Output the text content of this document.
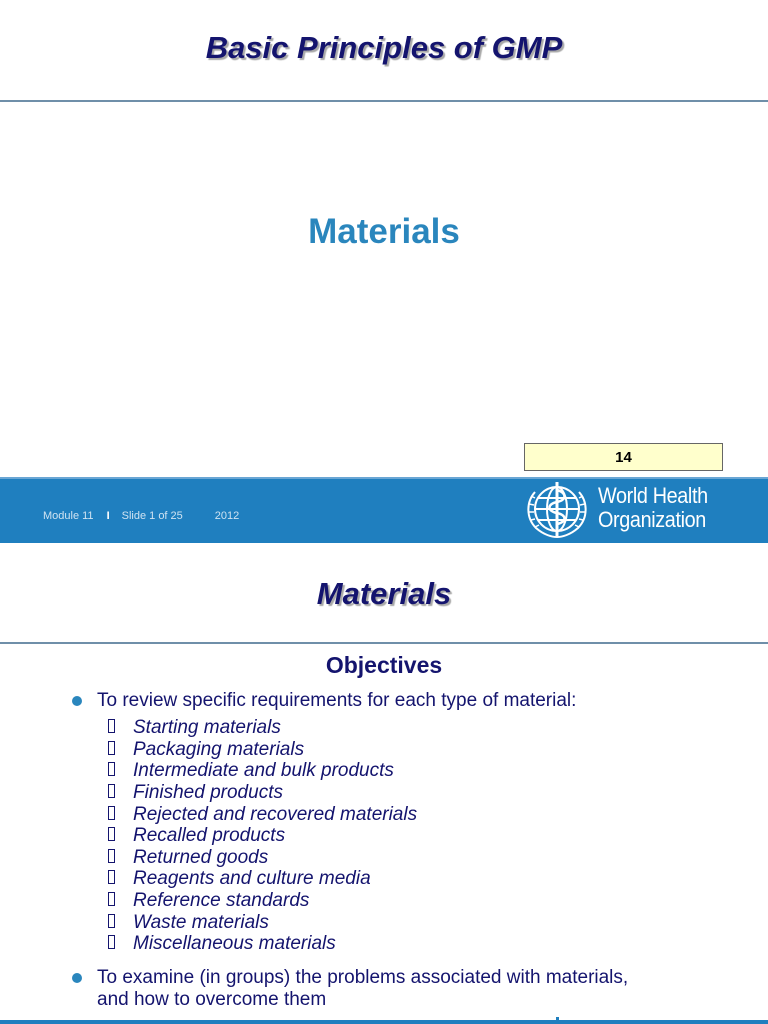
Basic Principles of GMP
Materials
14
Module 11 I Slide 1 of 25	2012
World Health
Organization
Materials
Objectives
To review specific requirements for each type of material:
Starting materials
Packaging materials
Intermediate and bulk products
Finished products
Rejected and recovered materials
Recalled products
Returned goods
Reagents and culture media
Reference standards
Waste materials
Miscellaneous materials
To examine (in groups) the problems associated with materials,
and how to overcome them
